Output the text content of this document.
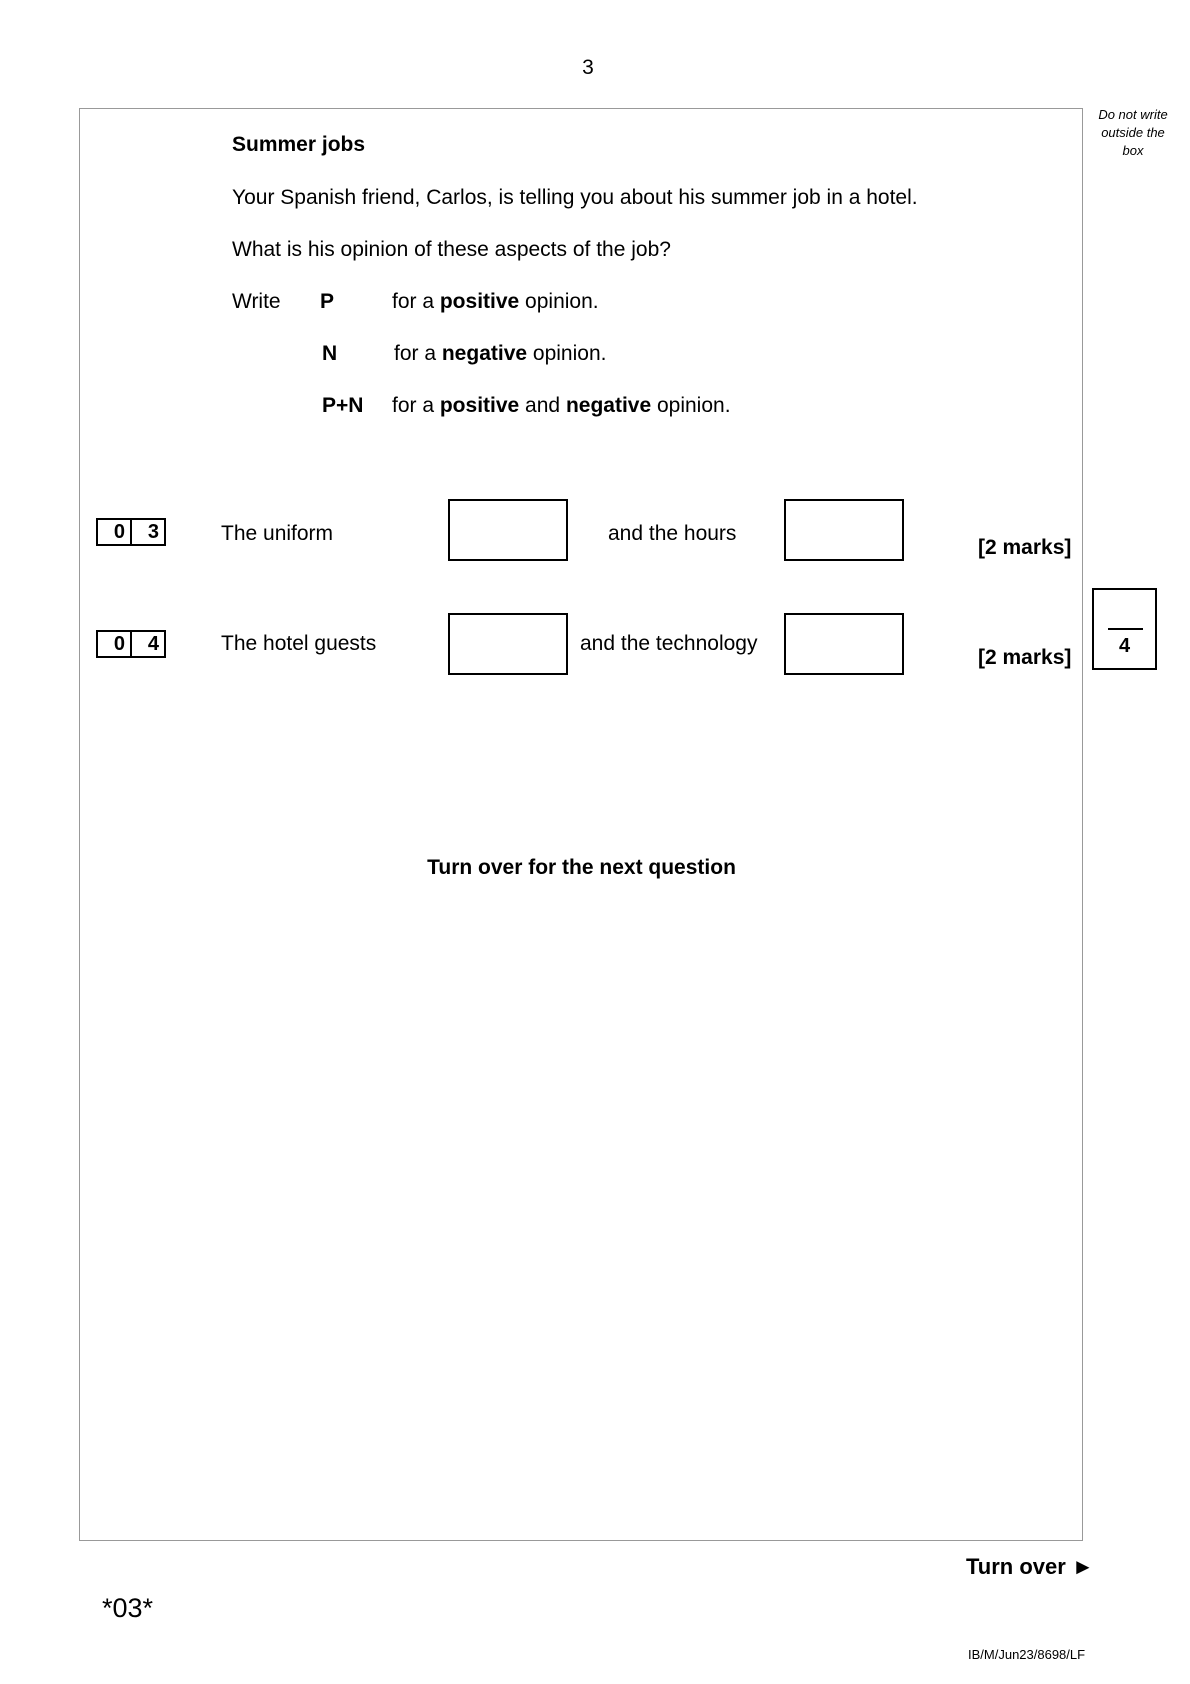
3
Do not write
outside the
box
Summer jobs
Your Spanish friend, Carlos, is telling you about his summer job in a hotel.
What is his opinion of these aspects of the job?
Write P	for a positive opinion.
N	for a negative opinion.
P+N for a positive and negative opinion.
0	3	The uniform	and the hours
[2 marks]
0	4	The hotel guests	and the technology
[2 marks]	4
Turn over for the next question
Turn over ►
*03*
IB/M/Jun23/8698/LF
